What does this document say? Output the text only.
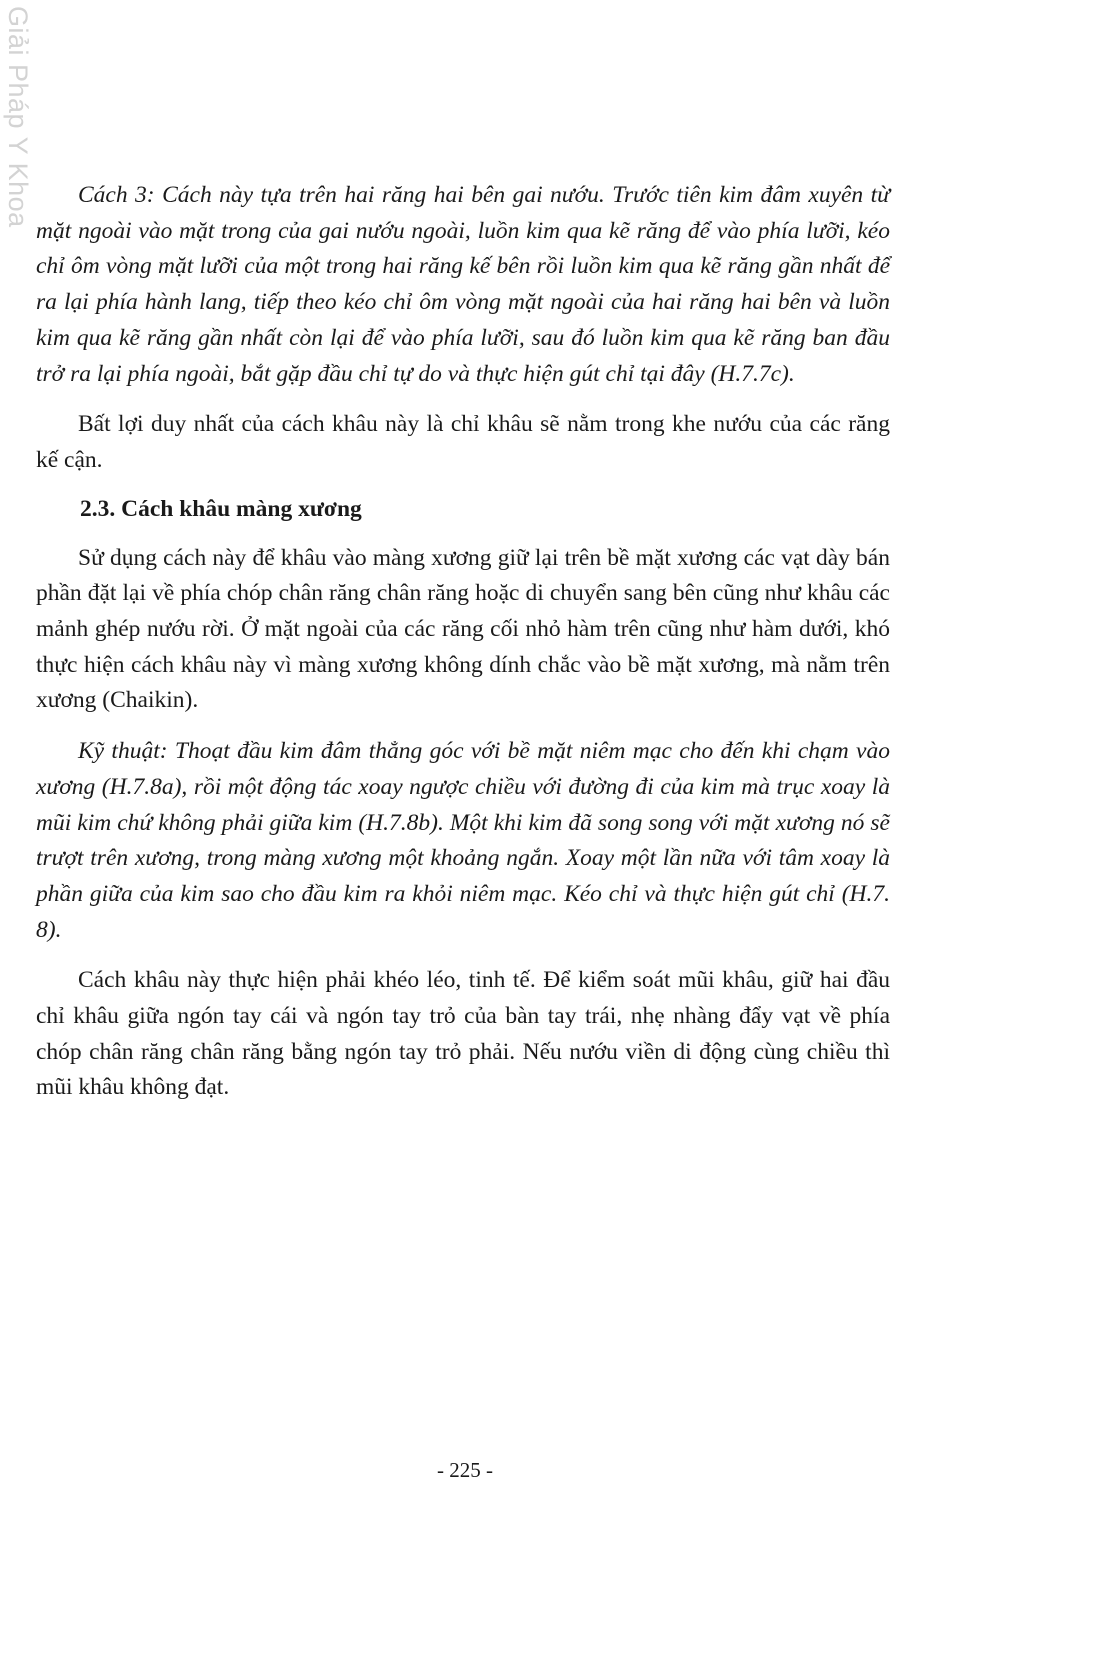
Giải Pháp Y Khoa	Cách 3: Cách này tựa trên hai răng hai bên gai nướu. Trước tiên kim đâm xuyên từ mặt ngoài vào mặt trong của gai nướu ngoài, luồn kim qua kẽ răng để vào phía lưỡi, kéo chỉ ôm vòng mặt lưỡi của một trong hai răng kế bên rồi luồn kim qua kẽ răng gần nhất để ra lại phía hành lang, tiếp theo kéo chỉ ôm vòng mặt ngoài của hai răng hai bên và luồn kim qua kẽ răng gần nhất còn lại để vào phía lưỡi, sau đó luồn kim qua kẽ răng ban đầu trở ra lại phía ngoài, bắt gặp đầu chỉ tự do và thực hiện gút chỉ tại đây (H.7.7c).

Bất lợi duy nhất của cách khâu này là chỉ khâu sẽ nằm trong khe nướu của các răng kế cận.

2.3. Cách khâu màng xương

Sử dụng cách này để khâu vào màng xương giữ lại trên bề mặt xương các vạt dày bán phần đặt lại về phía chóp chân răng chân răng hoặc di chuyển sang bên cũng như khâu các mảnh ghép nướu rời. Ở mặt ngoài của các răng cối nhỏ hàm trên cũng như hàm dưới, khó thực hiện cách khâu này vì màng xương không dính chắc vào bề mặt xương, mà nằm trên xương (Chaikin).

Kỹ thuật: Thoạt đầu kim đâm thẳng góc với bề mặt niêm mạc cho đến khi chạm vào xương (H.7.8a), rồi một động tác xoay ngược chiều với đường đi của kim mà trục xoay là mũi kim chứ không phải giữa kim (H.7.8b). Một khi kim đã song song với mặt xương nó sẽ trượt trên xương, trong màng xương một khoảng ngắn. Xoay một lần nữa với tâm xoay là phần giữa của kim sao cho đầu kim ra khỏi niêm mạc. Kéo chỉ và thực hiện gút chỉ (H.7. 8).

Cách khâu này thực hiện phải khéo léo, tinh tế. Để kiểm soát mũi khâu, giữ hai đầu chỉ khâu giữa ngón tay cái và ngón tay trỏ của bàn tay trái, nhẹ nhàng đẩy vạt về phía chóp chân răng chân răng bằng ngón tay trỏ phải. Nếu nướu viền di động cùng chiều thì mũi khâu không đạt.

- 225 -
